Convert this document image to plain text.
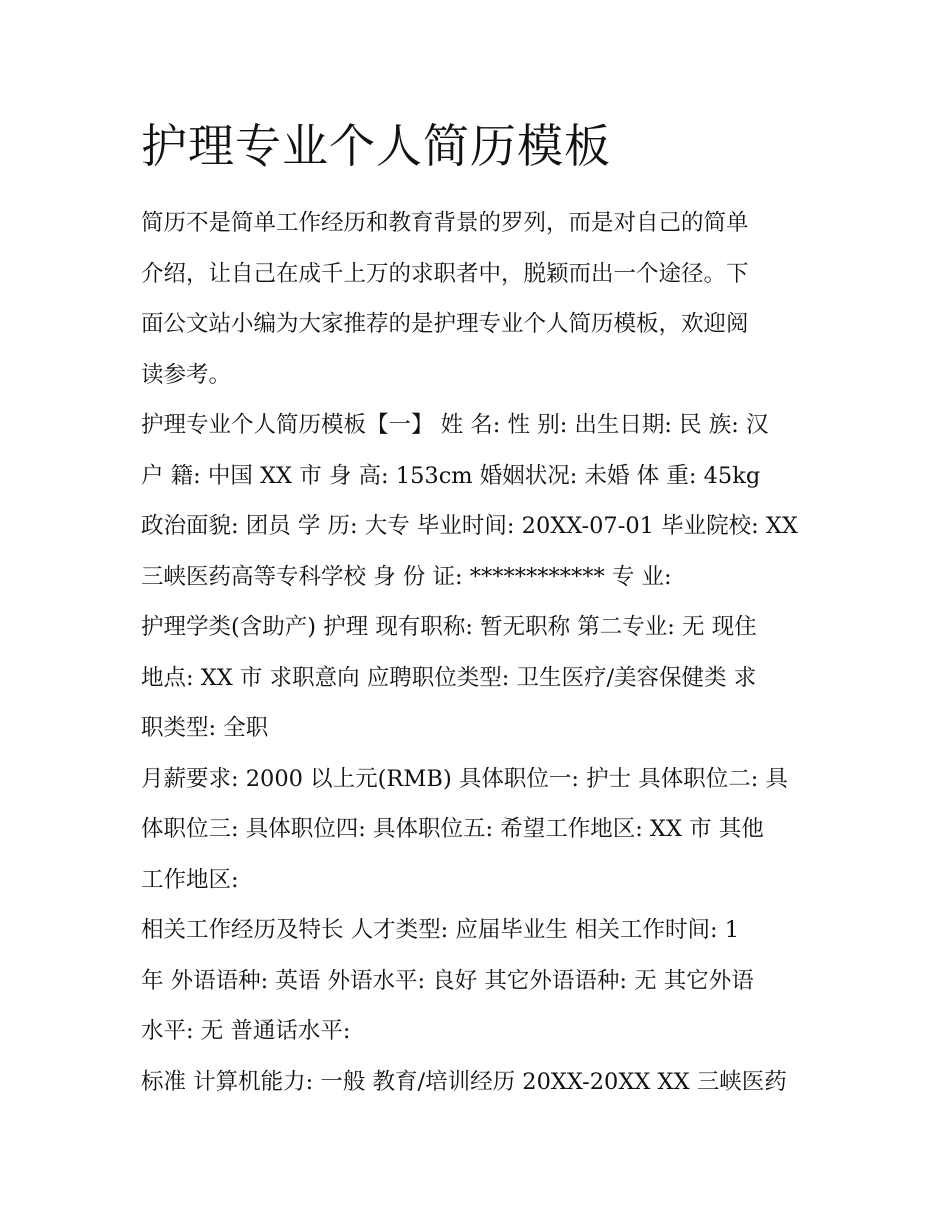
护理专业个人简历模板

简历不是简单工作经历和教育背景的罗列，而是对自己的简单
介绍，让自己在成千上万的求职者中，脱颖而出一个途径。下
面公文站小编为大家推荐的是护理专业个人简历模板，欢迎阅
读参考。

护理专业个人简历模板【一】 姓 名: 性 别: 出生日期: 民 族: 汉
户 籍: 中国 XX 市 身 高: 153cm 婚姻状况: 未婚 体 重: 45kg

政治面貌: 团员 学 历: 大专 毕业时间: 20XX-07-01 毕业院校: XX
三峡医药高等专科学校 身 份 证: ************ 专 业:

护理学类(含助产) 护理 现有职称: 暂无职称 第二专业: 无 现住
地点: XX 市 求职意向 应聘职位类型: 卫生医疗/美容保健类 求
职类型: 全职

月薪要求: 2000 以上元(RMB) 具体职位一: 护士 具体职位二: 具
体职位三: 具体职位四: 具体职位五: 希望工作地区: XX 市 其他
工作地区:

相关工作经历及特长 人才类型: 应届毕业生 相关工作时间: 1
年 外语语种: 英语 外语水平: 良好 其它外语语种: 无 其它外语
水平: 无 普通话水平:

标准 计算机能力: 一般 教育/培训经历 20XX-20XX XX 三峡医药
